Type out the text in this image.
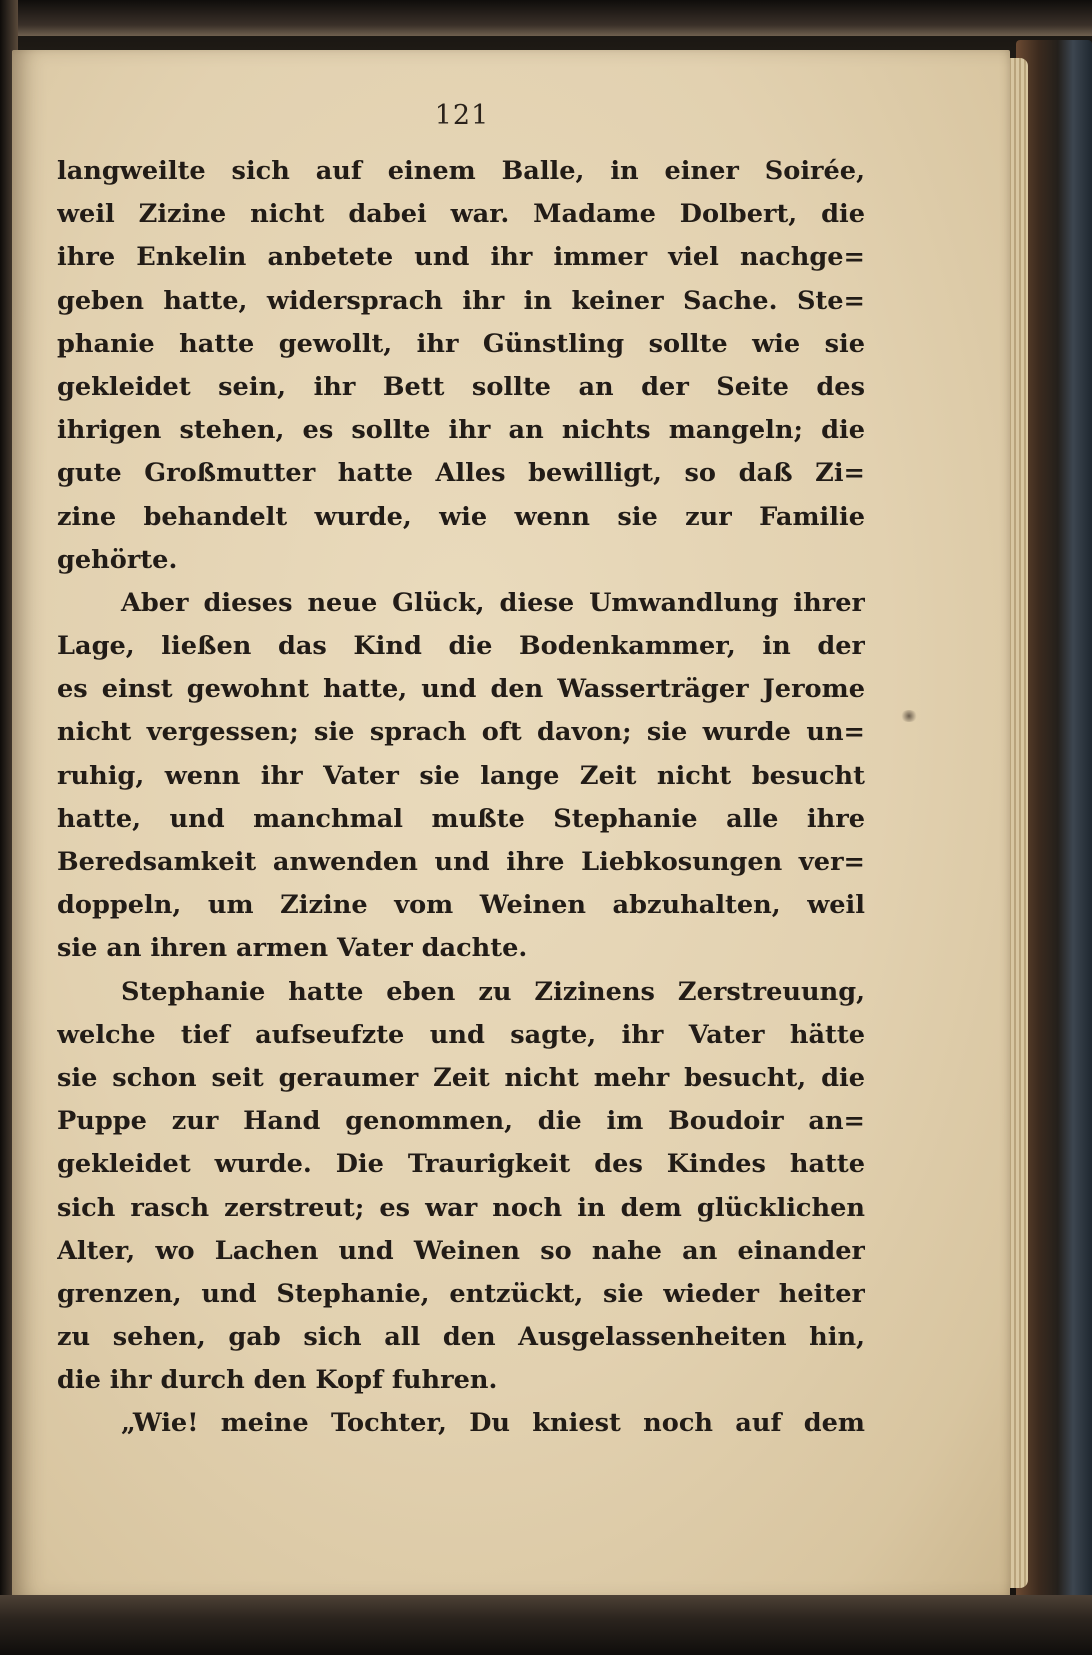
121
langweilte sich auf einem Balle, in einer Soirée,
weil Zizine nicht dabei war. Madame Dolbert, die
ihre Enkelin anbetete und ihr immer viel nachge=
geben hatte, widersprach ihr in keiner Sache. Ste=
phanie hatte gewollt, ihr Günstling sollte wie sie
gekleidet sein, ihr Bett sollte an der Seite des
ihrigen stehen, es sollte ihr an nichts mangeln; die
gute Großmutter hatte Alles bewilligt, so daß Zi=
zine behandelt wurde, wie wenn sie zur Familie
gehörte.
Aber dieses neue Glück, diese Umwandlung ihrer
Lage, ließen das Kind die Bodenkammer, in der
es einst gewohnt hatte, und den Wasserträger Jerome
nicht vergessen; sie sprach oft davon; sie wurde un=
ruhig, wenn ihr Vater sie lange Zeit nicht besucht
hatte, und manchmal mußte Stephanie alle ihre
Beredsamkeit anwenden und ihre Liebkosungen ver=
doppeln, um Zizine vom Weinen abzuhalten, weil
sie an ihren armen Vater dachte.
Stephanie hatte eben zu Zizinens Zerstreuung,
welche tief aufseufzte und sagte, ihr Vater hätte
sie schon seit geraumer Zeit nicht mehr besucht, die
Puppe zur Hand genommen, die im Boudoir an=
gekleidet wurde. Die Traurigkeit des Kindes hatte
sich rasch zerstreut; es war noch in dem glücklichen
Alter, wo Lachen und Weinen so nahe an einander
grenzen, und Stephanie, entzückt, sie wieder heiter
zu sehen, gab sich all den Ausgelassenheiten hin,
die ihr durch den Kopf fuhren.
„Wie! meine Tochter, Du kniest noch auf dem
